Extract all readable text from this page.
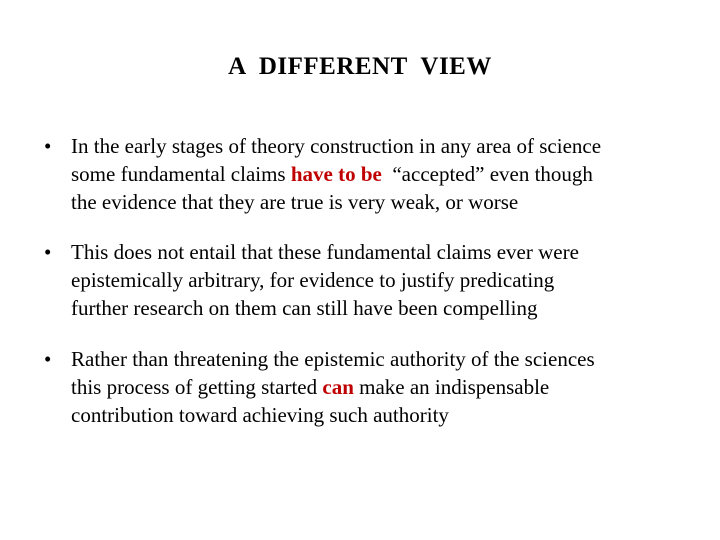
A  DIFFERENT  VIEW
• In the early stages of theory construction in any area of science
some fundamental claims have to be  “accepted” even though
the evidence that they are true is very weak, or worse
• This does not entail that these fundamental claims ever were
epistemically arbitrary, for evidence to justify predicating
further research on them can still have been compelling
• Rather than threatening the epistemic authority of the sciences
this process of getting started can make an indispensable
contribution toward achieving such authority
